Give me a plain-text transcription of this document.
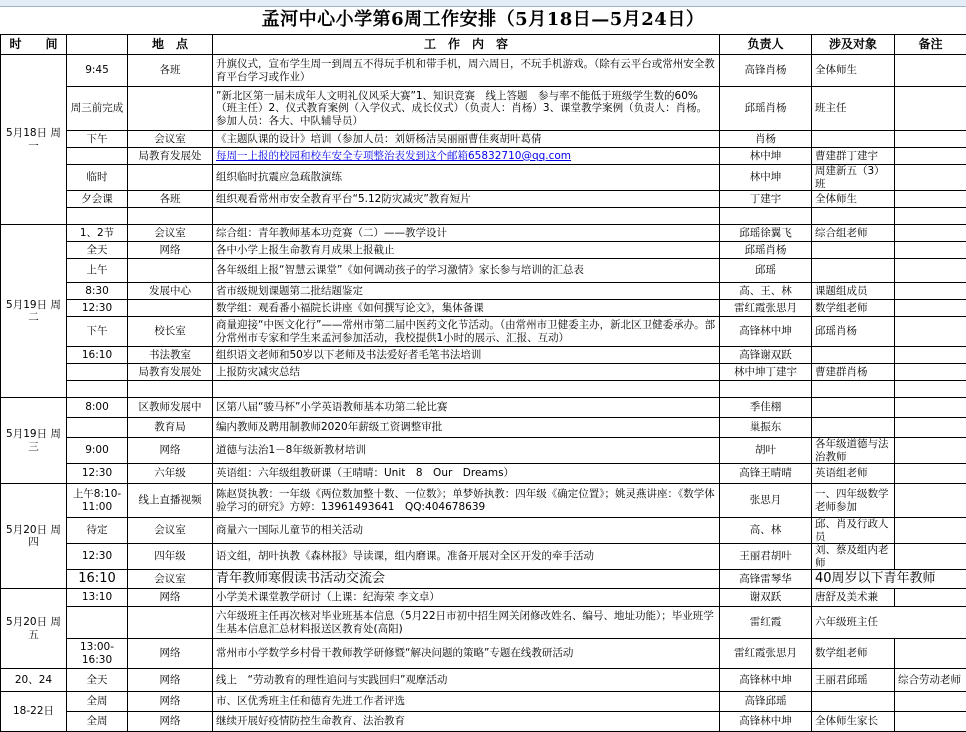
孟河中心小学第6周工作安排（5月18日—5月24日）
时　　间		地　点	工　作　内　容	负责人	涉及对象	备注
5月18日 周一	9:45	各班	升旗仪式，宣布学生周一到周五不得玩手机和带手机，周六周日，不玩手机游戏。（除有云平台或常州安全教育平台学习或作业）	高锋肖杨	全体师生	
	周三前完成		”新北区第一届未成年人文明礼仪风采大赛”1、知识竞赛　线上答题　参与率不能低于班级学生数的60%（班主任）2、仪式教育案例（入学仪式、成长仪式）（负责人：肖杨）3、课堂教学案例（负责人：肖杨。参加人员：各大、中队辅导员）	邱瑶肖杨	班主任	
	下午	会议室	《主题队课的设计》培训（参加人员：刘妍杨洁吴丽丽曹佳爽胡叶葛倩	肖杨		
		局教育发展处	每周一上报的校园和校车安全专项整治表发到这个邮箱65832710@qq.com	林中坤	曹建群丁建宇	
	临时		组织临时抗震应急疏散演练	林中坤	周建新五（3）班	
	夕会课	各班	组织观看常州市安全教育平台“5.12防灾减灾”教育短片	丁建宇	全体师生	

5月19日 周二	1、2节	会议室	综合组：青年教师基本功竞赛（二）——教学设计	邱瑶徐翼飞	综合组老师	
	全天	网络	各中小学上报生命教育月成果上报截止	邱瑶肖杨		
	上午		各年级组上报“智慧云课堂”《如何调动孩子的学习激情》家长参与培训的汇总表	邱瑶		
	8:30	发展中心	省市级规划课题第二批结题鉴定	高、王、林	课题组成员	
	12:30		数学组：观看番小福院长讲座《如何撰写论文》，集体备课	雷红霞张思月	数学组老师	
	下午	校长室	商量迎接“中医文化行”——常州市第二届中医药文化节活动。（由常州市卫健委主办，新北区卫健委承办。部分常州市专家和学生来孟河参加活动，我校提供1小时的展示、汇报、互动）	高锋林中坤	邱瑶肖杨	
	16:10	书法教室	组织语文老师和50岁以下老师及书法爱好者毛笔书法培训	高锋谢双跃		
		局教育发展处	上报防灾减灾总结	林中坤丁建宇	曹建群肖杨	

5月19日 周三	8:00	区教师发展中	区第八届“骏马杯”小学英语教师基本功第二轮比赛	季佳栩		
		教育局	编内教师及聘用制教师2020年薪级工资调整审批	巢振东		
	9:00	网络	道德与法治1－8年级新教材培训	胡叶	各年级道德与法治教师	
	12:30	六年级	英语组：六年级组教研课（王晴晴：Unit　8　Our　Dreams）	高锋王晴晴	英语组老师	
5月20日 周四	上午8:10-11:00	线上直播视频	陈赵贤执教：一年级《两位数加整十数、一位数》；单梦娇执教：四年级《确定位置》；姚灵燕讲座：《数学体验学习的研究》方婷：13961493641　QQ:404678639	张思月	一、四年级数学老师参加	
	待定	会议室	商量六一国际儿童节的相关活动	高、林	邱、肖及行政人员	
	12:30	四年级	语文组，胡叶执教《森林报》导读课，组内磨课。准备开展对全区开发的牵手活动	王丽君胡叶	刘、蔡及组内老师	
	16:10	会议室	青年教师寒假读书活动交流会	高锋雷琴华	40周岁以下青年教师	
5月20日 周五	13:10	网络	小学美术课堂教学研讨（上课：纪海荣 李文卓）	谢双跃	唐舒及美术兼	
			六年级班主任再次核对毕业班基本信息（5月22日市初中招生网关闭修改姓名、编号、地址功能）；毕业班学生基本信息汇总材料报送区教育处(高阳)	雷红霞	六年级班主任	
	13:00-16:30	网络	常州市小学数学乡村骨干教师教学研修暨“解决问题的策略”专题在线教研活动	雷红霞张思月	数学组老师	
20、24	全天	网络	线上　“劳动教育的理性追问与实践回归”观摩活动	高锋林中坤	王丽君邱瑶	综合劳动老师
18-22日	全周	网络	市、区优秀班主任和德育先进工作者评选	高锋邱瑶		
	全周	网络	继续开展好疫情防控生命教育、法治教育	高锋林中坤	全体师生家长	
